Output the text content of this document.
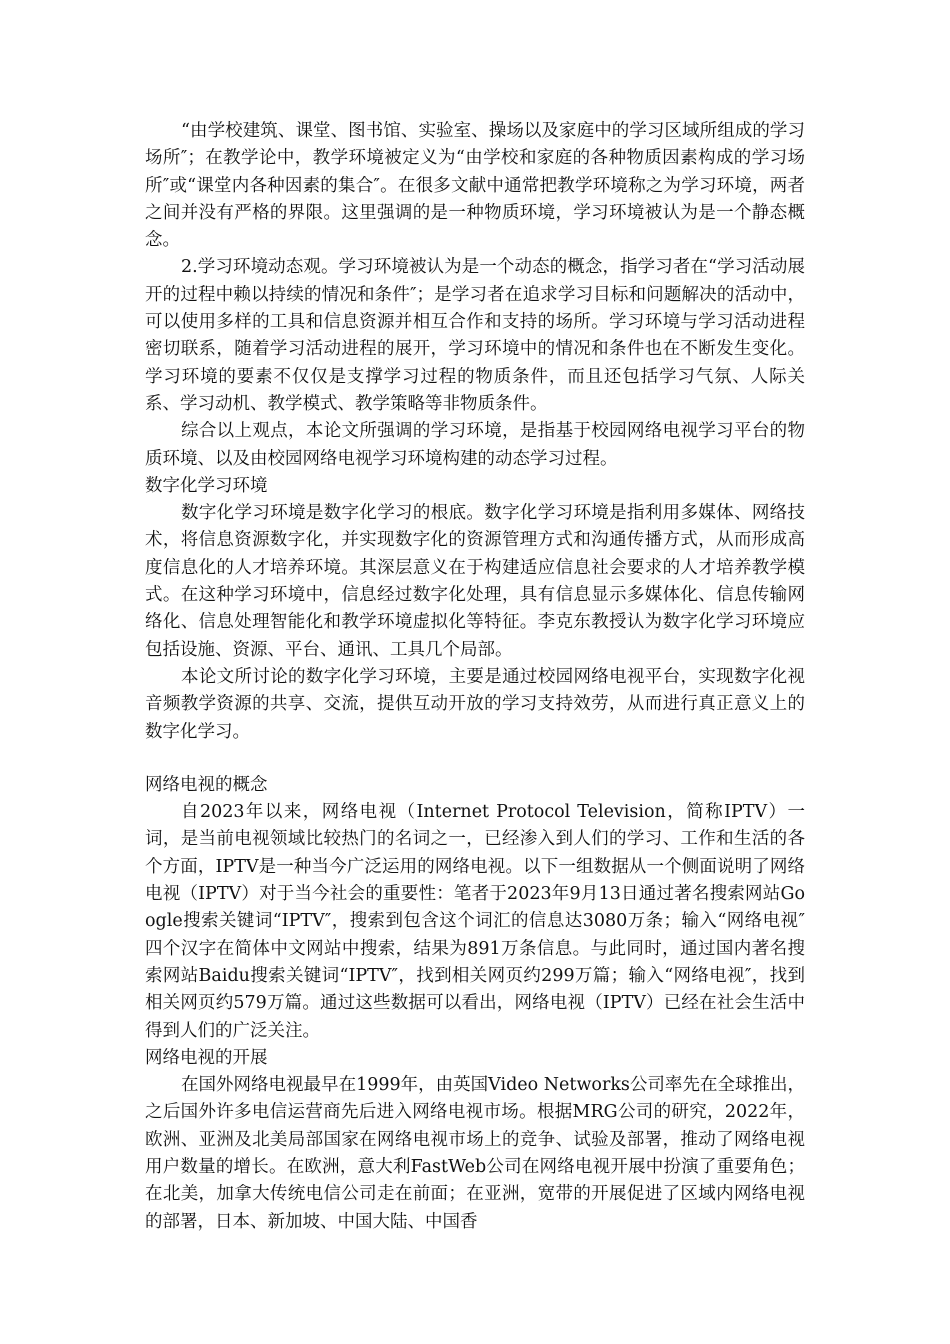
“由学校建筑、课堂、图书馆、实验室、操场以及家庭中的学习区域所组成的学习场所″；在教学论中，教学环境被定义为“由学校和家庭的各种物质因素构成的学习场所″或“课堂内各种因素的集合″。在很多文献中通常把教学环境称之为学习环境，两者之间并没有严格的界限。这里强调的是一种物质环境，学习环境被认为是一个静态概念。

2.学习环境动态观。学习环境被认为是一个动态的概念，指学习者在“学习活动展开的过程中赖以持续的情况和条件″；是学习者在追求学习目标和问题解决的活动中，可以使用多样的工具和信息资源并相互合作和支持的场所。学习环境与学习活动进程密切联系，随着学习活动进程的展开，学习环境中的情况和条件也在不断发生变化。学习环境的要素不仅仅是支撑学习过程的物质条件，而且还包括学习气氛、人际关系、学习动机、教学模式、教学策略等非物质条件。

综合以上观点，本论文所强调的学习环境，是指基于校园网络电视学习平台的物质环境、以及由校园网络电视学习环境构建的动态学习过程。

数字化学习环境

数字化学习环境是数字化学习的根底。数字化学习环境是指利用多媒体、网络技术，将信息资源数字化，并实现数字化的资源管理方式和沟通传播方式，从而形成高度信息化的人才培养环境。其深层意义在于构建适应信息社会要求的人才培养教学模式。在这种学习环境中，信息经过数字化处理，具有信息显示多媒体化、信息传输网络化、信息处理智能化和教学环境虚拟化等特征。李克东教授认为数字化学习环境应包括设施、资源、平台、通讯、工具几个局部。

本论文所讨论的数字化学习环境，主要是通过校园网络电视平台，实现数字化视音频教学资源的共享、交流，提供互动开放的学习支持效劳，从而进行真正意义上的数字化学习。

网络电视的概念

自2023年以来，网络电视（Internet Protocol Television，简称IPTV）一词，是当前电视领域比较热门的名词之一，已经渗入到人们的学习、工作和生活的各个方面，IPTV是一种当今广泛运用的网络电视。以下一组数据从一个侧面说明了网络电视（IPTV）对于当今社会的重要性：笔者于2023年9月13日通过著名搜索网站Google搜索关键词“IPTV″，搜索到包含这个词汇的信息达3080万条；输入“网络电视″四个汉字在简体中文网站中搜索，结果为891万条信息。与此同时，通过国内著名搜索网站Baidu搜索关键词“IPTV″，找到相关网页约299万篇；输入“网络电视″，找到相关网页约579万篇。通过这些数据可以看出，网络电视（IPTV）已经在社会生活中得到人们的广泛关注。

网络电视的开展

在国外网络电视最早在1999年，由英国Video Networks公司率先在全球推出，之后国外许多电信运营商先后进入网络电视市场。根据MRG公司的研究，2022年，欧洲、亚洲及北美局部国家在网络电视市场上的竞争、试验及部署，推动了网络电视用户数量的增长。在欧洲，意大利FastWeb公司在网络电视开展中扮演了重要角色；在北美，加拿大传统电信公司走在前面；在亚洲，宽带的开展促进了区域内网络电视的部署，日本、新加坡、中国大陆、中国香
